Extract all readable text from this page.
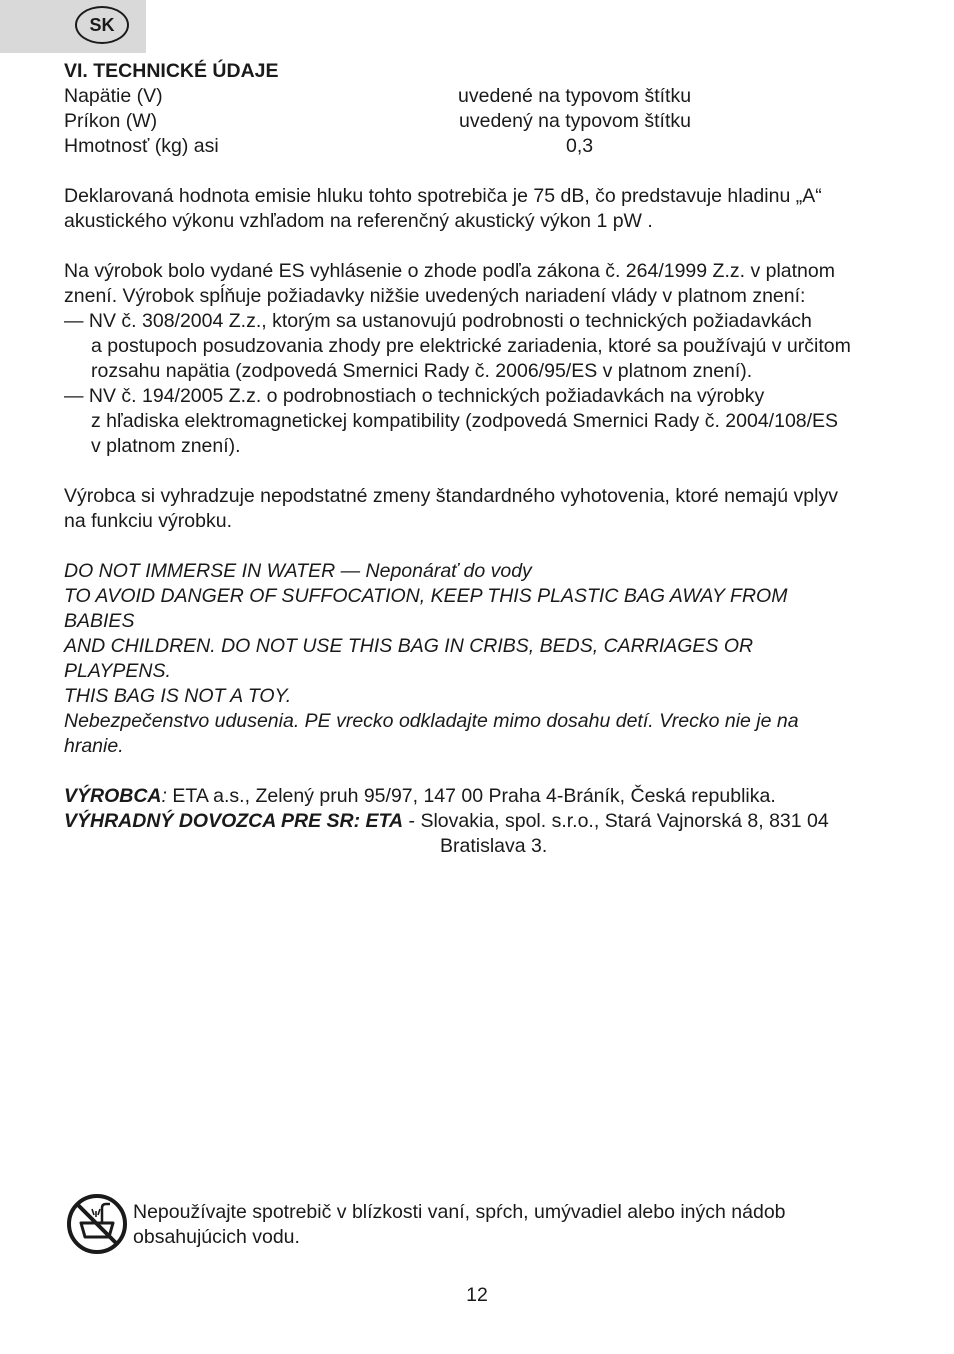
SK
VI. TECHNICKÉ ÚDAJE
Napätie (V)	uvedené na typovom štítku
Príkon (W)	uvedený na typovom štítku
Hmotnosť (kg) asi	0,3
Deklarovaná hodnota emisie hluku tohto spotrebiča je 75 dB, čo predstavuje hladinu „A“
akustického výkonu vzhľadom na referenčný akustický výkon 1 pW .
Na výrobok bolo vydané ES vyhlásenie o zhode podľa zákona č. 264/1999 Z.z. v platnom
znení. Výrobok spĺňuje požiadavky nižšie uvedených nariadení vlády v platnom znení:
— NV č. 308/2004 Z.z., ktorým sa ustanovujú podrobnosti o technických požiadavkách
a postupoch posudzovania zhody pre elektrické zariadenia, ktoré sa používajú v určitom
rozsahu napätia (zodpovedá Smernici Rady č. 2006/95/ES v platnom znení).
— NV č. 194/2005 Z.z. o podrobnostiach o technických požiadavkách na výrobky
z hľadiska elektromagnetickej kompatibility (zodpovedá Smernici Rady č. 2004/108/ES
v platnom znení).
Výrobca si vyhradzuje nepodstatné zmeny štandardného vyhotovenia, ktoré nemajú vplyv
na funkciu výrobku.
DO NOT IMMERSE IN WATER — Neponárať do vody
TO AVOID DANGER OF SUFFOCATION, KEEP THIS PLASTIC BAG AWAY FROM
BABIES
AND CHILDREN. DO NOT USE THIS BAG IN CRIBS, BEDS, CARRIAGES OR
PLAYPENS.
THIS BAG IS NOT A TOY.
Nebezpečenstvo udusenia. PE vrecko odkladajte mimo dosahu detí. Vrecko nie je na
hranie.
VÝROBCA: ETA a.s., Zelený pruh 95/97, 147 00 Praha 4-Bráník, Česká republika.
VÝHRADNÝ DOVOZCA PRE SR: ETA - Slovakia, spol. s.r.o., Stará Vajnorská 8, 831 04
Bratislava 3.
Nepoužívajte spotrebič v blízkosti vaní, spŕch, umývadiel alebo iných nádob
obsahujúcich vodu.
12
